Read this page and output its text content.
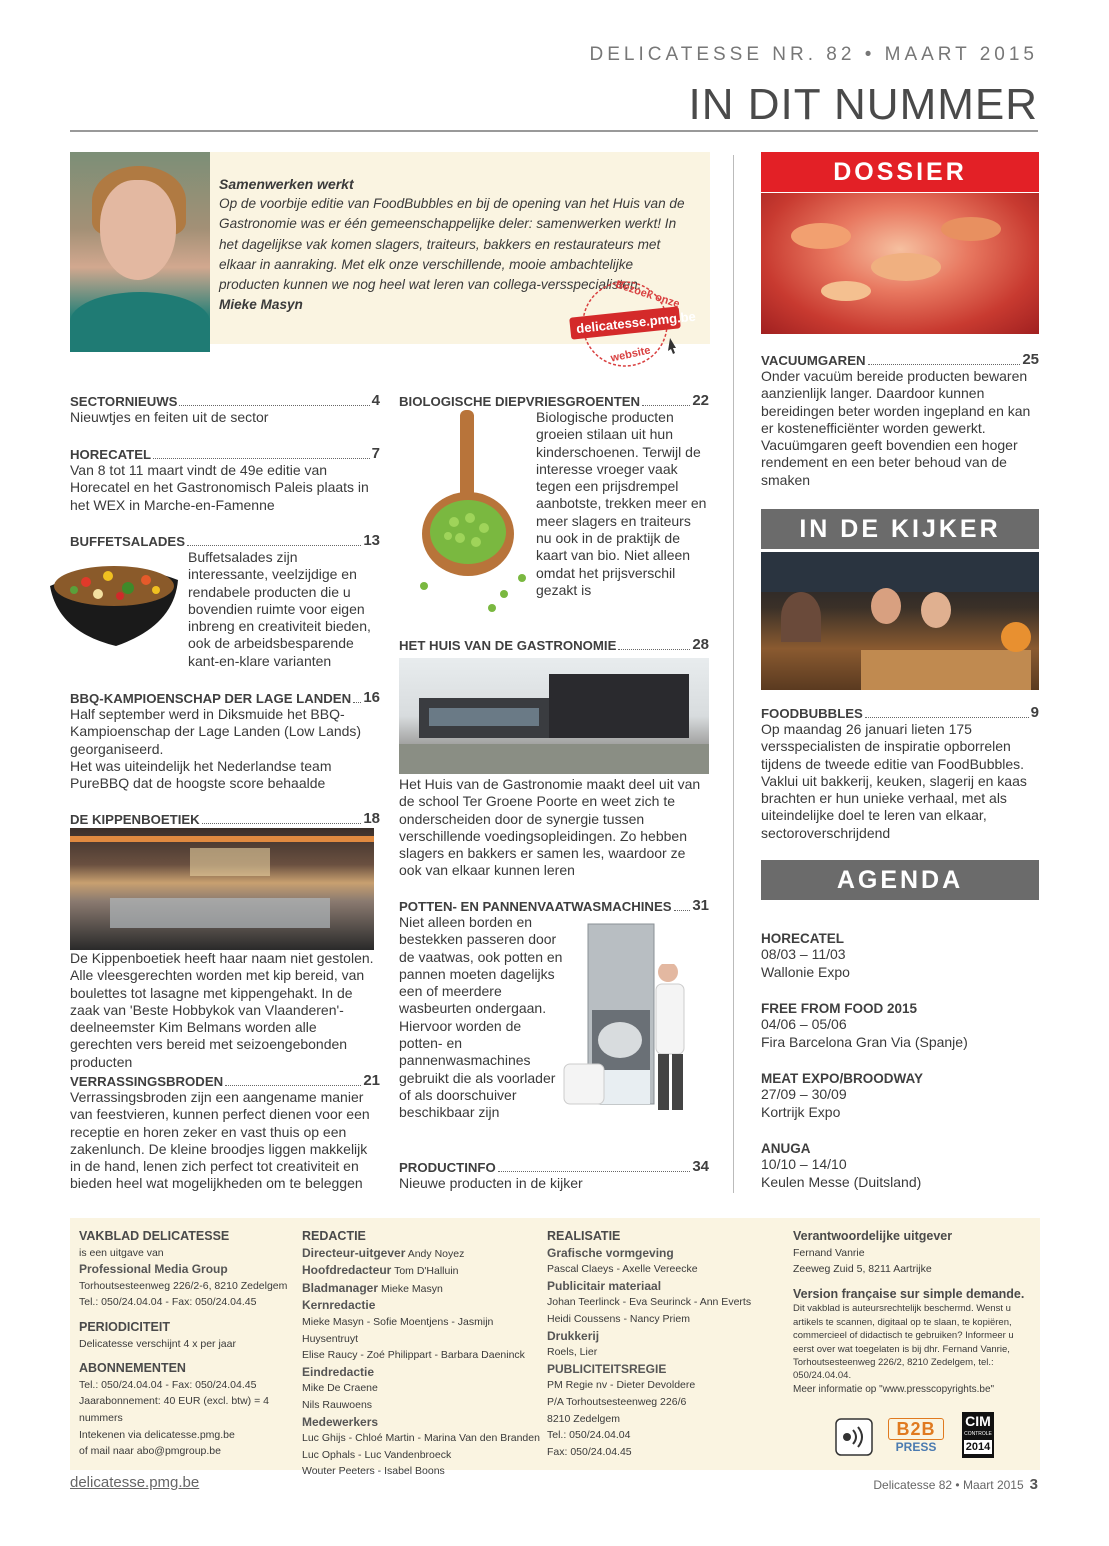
DELICATESSE NR. 82 • MAART 2015
IN DIT NUMMER
Samenwerken werkt
Op de voorbije editie van FoodBubbles en bij de opening van het Huis van de Gastronomie was er één gemeenschappelijke deler: samenwerken werkt! In het dagelijkse vak komen slagers, traiteurs, bakkers en restaurateurs met elkaar in aanraking. Met elk onze verschillende, mooie ambachtelijke producten kunnen we nog heel wat leren van collega-versspecialisten.
Mieke Masyn	Bezoek onze
delicatesse.pmg.be
website
SECTORNIEUWS	4
Nieuwtjes en feiten uit de sector
HORECATEL	7
Van 8 tot 11 maart vindt de 49e editie van Horecatel en het Gastronomisch Paleis plaats in het WEX in Marche-en-Famenne
BUFFETSALADES	13
Buffetsalades zijn interessante, veelzijdige en rendabele producten die u bovendien ruimte voor eigen inbreng en creativiteit bieden, ook de arbeidsbesparende kant-en-klare varianten
BBQ-KAMPIOENSCHAP DER LAGE LANDEN 16
Half september werd in Diksmuide het BBQ-Kampioenschap der Lage Landen (Low Lands) georganiseerd.
Het was uiteindelijk het Nederlandse team PureBBQ dat de hoogste score behaalde
DE KIPPENBOETIEK	18
De Kippenboetiek heeft haar naam niet gestolen. Alle vleesgerechten worden met kip bereid, van boulettes tot lasagne met kippengehakt. In de zaak van 'Beste Hobbykok van Vlaanderen'-deelneemster Kim Belmans worden alle gerechten vers bereid met seizoengebonden producten
VERRASSINGSBRODEN	21
Verrassingsbroden zijn een aangename manier van feestvieren, kunnen perfect dienen voor een receptie en horen zeker en vast thuis op een zakenlunch. De kleine broodjes liggen makkelijk in de hand, lenen zich perfect tot creativiteit en bieden heel wat mogelijkheden om te beleggen
BIOLOGISCHE DIEPVRIESGROENTEN	22
Biologische producten groeien stilaan uit hun kinderschoenen. Terwijl de interesse vroeger vaak tegen een prijsdrempel aanbotste, trekken meer en meer slagers en traiteurs nu ook in de praktijk de kaart van bio. Niet alleen omdat het prijsverschil gezakt is
HET HUIS VAN DE GASTRONOMIE	28
Het Huis van de Gastronomie maakt deel uit van de school Ter Groene Poorte en weet zich te onderscheiden door de synergie tussen verschillende voedingsopleidingen. Zo hebben slagers en bakkers er samen les, waardoor ze ook van elkaar kunnen leren
POTTEN- EN PANNENVAATWASMACHINES 31
Niet alleen borden en bestekken passeren door de vaatwas, ook potten en pannen moeten dagelijks een of meerdere wasbeurten ondergaan. Hiervoor worden de potten- en pannenwasmachines gebruikt die als voorlader of als doorschuiver beschikbaar zijn
PRODUCTINFO	34
Nieuwe producten in de kijker
DOSSIER
VACUUMGAREN	25
Onder vacuüm bereide producten bewaren aanzienlijk langer. Daardoor kunnen bereidingen beter worden ingepland en kan er kostenefficiënter worden gewerkt. Vacuümgaren geeft bovendien een hoger rendement en een beter behoud van de smaken
IN DE KIJKER
FOODBUBBLES	9
Op maandag 26 januari lieten 175 versspecialisten de inspiratie opborrelen tijdens de tweede editie van FoodBubbles. Vaklui uit bakkerij, keuken, slagerij en kaas brachten er hun unieke verhaal, met als uiteindelijke doel te leren van elkaar, sectoroverschrijdend
AGENDA
HORECATEL
08/03 – 11/03
Wallonie Expo
FREE FROM FOOD 2015
04/06 – 05/06
Fira Barcelona Gran Via (Spanje)
MEAT EXPO/BROODWAY
27/09 – 30/09
Kortrijk Expo
ANUGA
10/10 – 14/10
Keulen Messe (Duitsland)
VAKBLAD DELICATESSE
is een uitgave van
Professional Media Group
Torhoutsesteenweg 226/2-6, 8210 Zedelgem
Tel.: 050/24.04.04 - Fax: 050/24.04.45
PERIODICITEIT
Delicatesse verschijnt 4 x per jaar
ABONNEMENTEN
Tel.: 050/24.04.04 - Fax: 050/24.04.45
Jaarabonnement: 40 EUR (excl. btw) = 4 nummers
Intekenen via delicatesse.pmg.be
of mail naar abo@pmgroup.be
REDACTIE
Directeur-uitgever Andy Noyez
Hoofdredacteur Tom D'Halluin
Bladmanager Mieke Masyn
Kernredactie
Mieke Masyn - Sofie Moentjens - Jasmijn Huysentruyt
Elise Raucy - Zoé Philippart - Barbara Daeninck
Eindredactie
Mike De Craene
Nils Rauwoens
Medewerkers
Luc Ghijs - Chloé Martin - Marina Van den Branden
Luc Ophals - Luc Vandenbroeck
Wouter Peeters - Isabel Boons
REALISATIE
Grafische vormgeving
Pascal Claeys - Axelle Vereecke
Publicitair materiaal
Johan Teerlinck - Eva Seurinck - Ann Everts
Heidi Coussens - Nancy Priem
Drukkerij
Roels, Lier
PUBLICITEITSREGIE
PM Regie nv - Dieter Devoldere
P/A Torhoutsesteenweg 226/6
8210 Zedelgem
Tel.: 050/24.04.04
Fax: 050/24.04.45
Verantwoordelijke uitgever
Fernand Vanrie
Zeeweg Zuid 5, 8211 Aartrijke
Version française sur simple demande.
Dit vakblad is auteursrechtelijk beschermd. Wenst u artikels te scannen, digitaal op te slaan, te kopiëren, commercieel of didactisch te gebruiken? Informeer u eerst over wat toegelaten is bij dhr. Fernand Vanrie, Torhoutsesteenweg 226/2, 8210 Zedelgem, tel.: 050/24.04.04.
Meer informatie op "www.presscopyrights.be"
B2B
PRESS
CIM
CONTROLE
2014
delicatesse.pmg.be	Delicatesse 82 • Maart 2015 3
